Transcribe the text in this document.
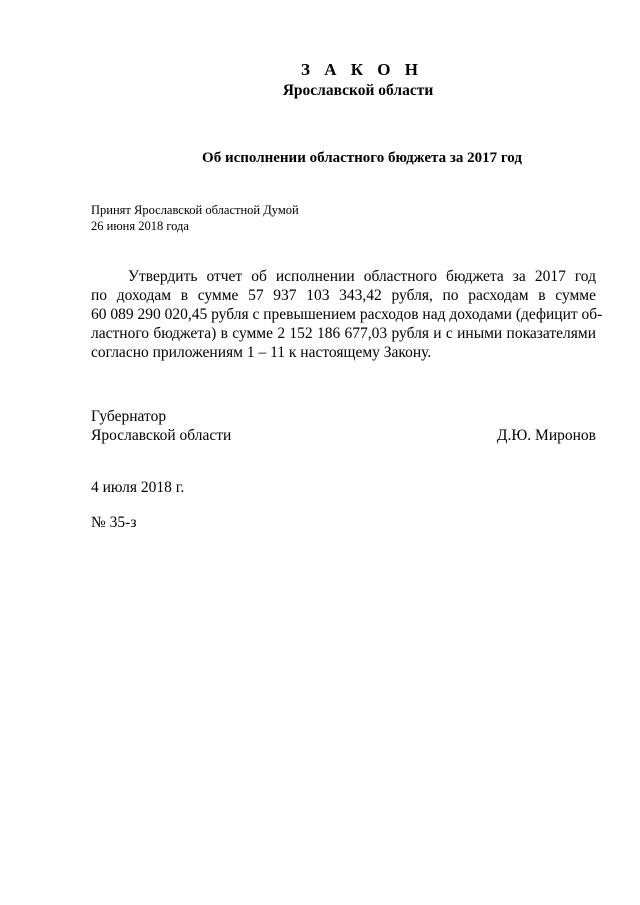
З А К О Н
Ярославской области
Об исполнении областного бюджета за 2017 год
Принят Ярославской областной Думой
26 июня 2018 года
Утвердить отчет об исполнении областного бюджета за 2017 год
по доходам в сумме 57 937 103 343,42 рубля, по расходам в сумме
60 089 290 020,45 рубля с превышением расходов над доходами (дефицит об-
ластного бюджета) в сумме 2 152 186 677,03 рубля и с иными показателями
согласно приложениям 1 – 11 к настоящему Закону.
Губернатор
Ярославской области	Д.Ю. Миронов
4 июля 2018 г.
№ 35-з
